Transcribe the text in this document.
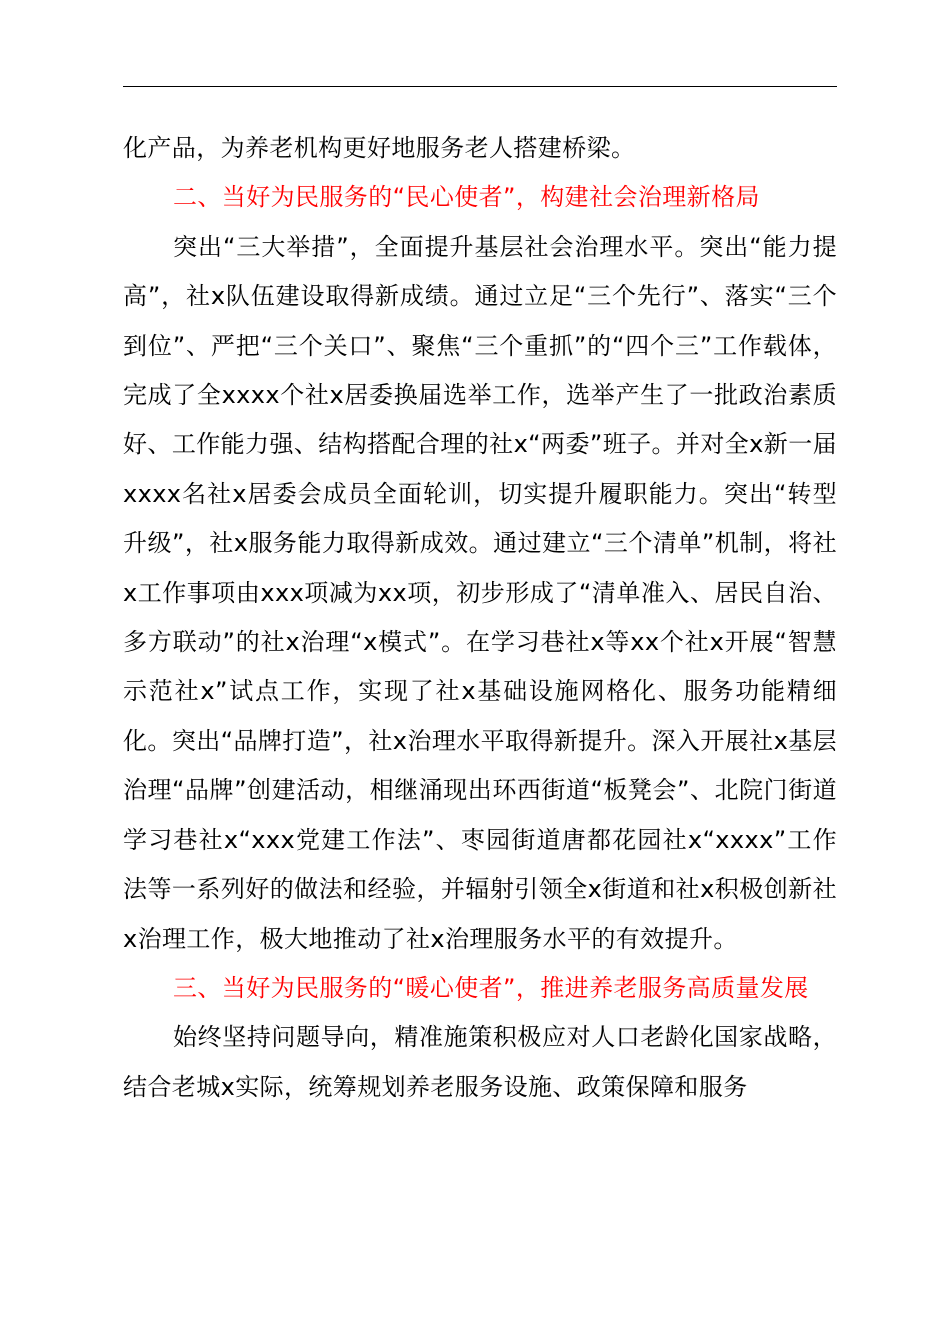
化产品，为养老机构更好地服务老人搭建桥梁。

二、当好为民服务的“民心使者”，构建社会治理新格局

突出“三大举措”，全面提升基层社会治理水平。突出“能力提高”，社x队伍建设取得新成绩。通过立足“三个先行”、落实“三个到位”、严把“三个关口”、聚焦“三个重抓”的“四个三”工作载体，完成了全xxxx个社x居委换届选举工作，选举产生了一批政治素质好、工作能力强、结构搭配合理的社x“两委”班子。并对全x新一届xxxx名社x居委会成员全面轮训，切实提升履职能力。突出“转型升级”，社x服务能力取得新成效。通过建立“三个清单”机制，将社x工作事项由xxx项减为xx项，初步形成了“清单准入、居民自治、多方联动”的社x治理“x模式”。在学习巷社x等xx个社x开展“智慧示范社x”试点工作，实现了社x基础设施网格化、服务功能精细化。突出“品牌打造”，社x治理水平取得新提升。深入开展社x基层治理“品牌”创建活动，相继涌现出环西街道“板凳会”、北院门街道学习巷社x“xxx党建工作法”、枣园街道唐都花园社x“xxxx”工作法等一系列好的做法和经验，并辐射引领全x街道和社x积极创新社x治理工作，极大地推动了社x治理服务水平的有效提升。

三、当好为民服务的“暖心使者”，推进养老服务高质量发展

始终坚持问题导向，精准施策积极应对人口老龄化国家战略，结合老城x实际，统筹规划养老服务设施、政策保障和服务
